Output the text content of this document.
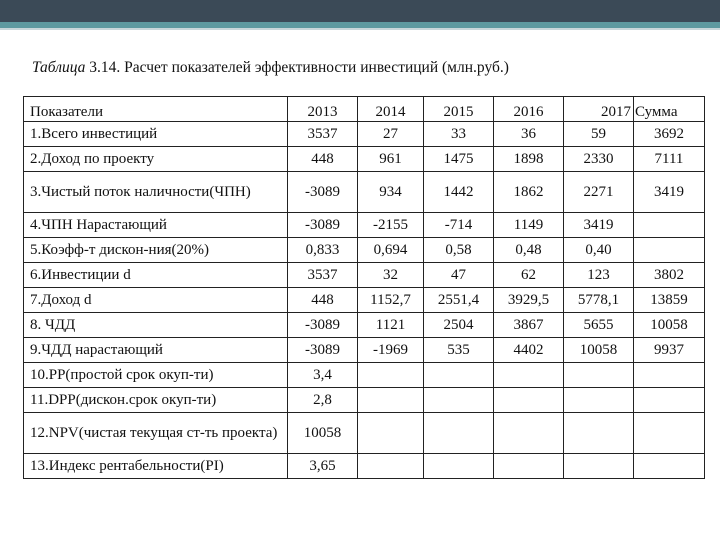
Таблица 3.14. Расчет показателей эффективности инвестиций (млн.руб.)
Показатели	2013	2014	2015	2016	2017	Сумма
1.Всего инвестиций	3537	27	33	36	59	3692
2.Доход по проекту	448	961	1475	1898	2330	7111
3.Чистый поток наличности(ЧПН)	-3089	934	1442	1862	2271	3419
4.ЧПН Нарастающий	-3089	-2155	-714	1149	3419	
5.Коэфф-т дискон-ния(20%)	0,833	0,694	0,58	0,48	0,40	
6.Инвестиции d	3537	32	47	62	123	3802
7.Доход d	448	1152,7	2551,4	3929,5	5778,1	13859
8. ЧДД	-3089	1121	2504	3867	5655	10058
9.ЧДД нарастающий	-3089	-1969	535	4402	10058	9937
10.PP(простой срок окуп-ти)	3,4					
11.DPP(дискон.срок окуп-ти)	2,8					
12.NPV(чистая текущая ст-ть проекта)	10058					
13.Индекс рентабельности(PI)	3,65					
